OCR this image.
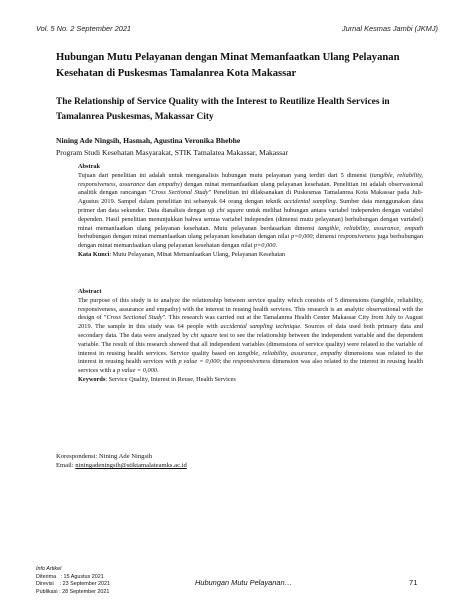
Vol. 5 No. 2 September 2021	Jurnal Kesmas Jambi (JKMJ)
Hubungan Mutu Pelayanan dengan Minat Memanfaatkan Ulang Pelayanan Kesehatan di Puskesmas Tamalanrea Kota Makassar
The Relationship of Service Quality with the Interest to Reutilize Health Services in Tamalanrea Puskesmas, Makassar City
Nining Ade Ningsih, Hasmah, Agustina Veronika Bhebhe
Program Studi Kesehatan Masyarakat, STIK Tamalatea Makassar, Makassar
Abstrak
Tujuan dari penelitian ini adalah untuk menganalisis hubungan mutu pelayanan yang terdiri dari 5 dimensi (tangible, reliability, responsiveness, assurance dan empathy) dengan minat memanfaatkan ulang pelayanan kesehatan. Penelitian ini adalah observasional analitik dengan rancangan "Cross Sectional Study" Penelitian ini dilaksanakan di Puskesmas Tamalanrea Kota Makassar pada Juli-Agustus 2019. Sampel dalam penelitian ini sebanyak 64 orang dengan teknik accidental sampling. Sumber data menggunakan data primer dan data sekunder. Data dianalisis dengan uji chi square untuk melihat hubungan antara variabel independen dengan variabel dependen. Hasil penelitian menunjukkan bahwa semua variabel independen (dimensi mutu pelayanan) berhubungan dengan variabel) minat memanfaatkan ulang pelayanan kesehatan. Mutu pelayanan berdasarkan dimensi tangible, reliability, assurance, empath berhubungan dengan minat memanfaatkan ulang pelayanan kesehatan dengan nilai p=0,000; dimensi responsiveness juga berhubungan dengan minat memanfaatkan ulang pelayanan kesehatan dengan nilai p=0,000.
Kata Kunci: Mutu Pelayanan, Minat Memanfaatkan Ulang, Pelayanan Kesehatan
Abstract
The purpose of this study is to analyze the relationship between service quality which consists of 5 dimensions (tangible, reliability, responsiveness, assurance and empathy) with the interest in reusing health services. This research is an analytic observational with the design of "Cross Sectional Study". This research was carried out at the Tamalanrea Health Center Makassar City from July to August 2019. The sample in this study was 64 people with accidental sampling technique. Sources of data used both primary data and secondary data. The data were analyzed by chi square test to see the relationship between the independent variable and the dependent variable. The result of this research showed that all independent variables (dimensions of service quality) were related to the variable of interest in reusing health services. Service quality based on tangible, reliability, assurance, empathy dimensions was related to the interest in reusing health services with p value = 0,000; the responsiveness dimension was also related to the interest in reusing health services with a p value = 0,000.
Keywords: Service Quality, Interest in Reuse, Health Services
Korespondensi: Nining Ade Ningsih
Email: niningadeningsih@stiktamalateamks.ac.id
Info Artikel
Diterima   : 15 Agustus 2021
Direvisi    : 23 September 2021
Publikasi : 28 September 2021
Hubungan Mutu Pelayanan…	71
